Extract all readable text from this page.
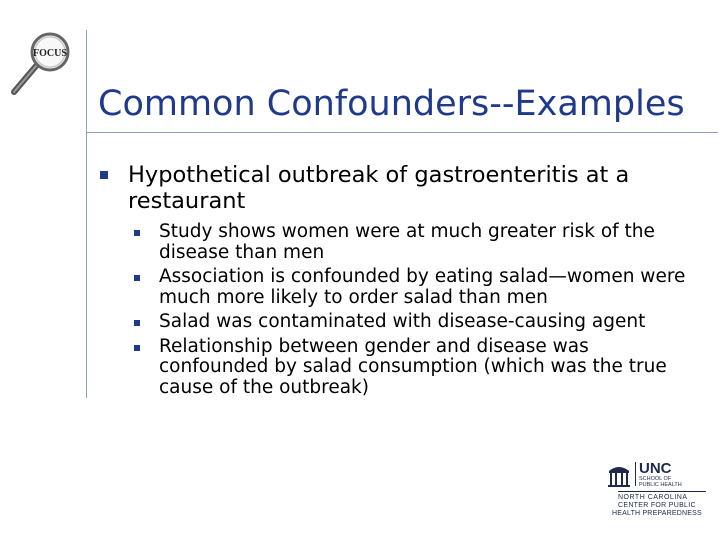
FOCUS
Common Confounders--Examples
Hypothetical outbreak of gastroenteritis at a restaurant
Study shows women were at much greater risk of the disease than men
Association is confounded by eating salad—women were much more likely to order salad than men
Salad was contaminated with disease-causing agent
Relationship between gender and disease was confounded by salad consumption (which was the true cause of the outbreak)
UNC
SCHOOL OF
PUBLIC HEALTH
NORTH CAROLINA
CENTER FOR PUBLIC
HEALTH PREPAREDNESS
